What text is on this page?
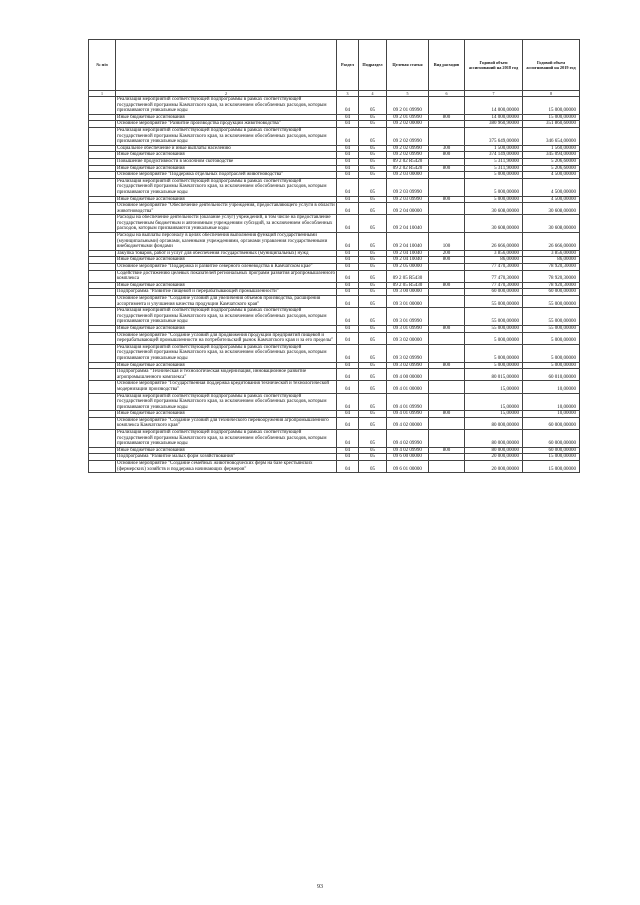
№ п/п		Раздел	Подраздел	Целевая статья	Вид расходов	Годовой объем ассигнований на 2018 год	Годовой объем ассигнований на 2019 год
1	2	3	4	5	6	7	8
	Реализация мероприятий соответствующей подпрограммы в рамках соответствующей государственной программы Камчатского края, за исключением обособленных расходов, которым присваиваются уникальные коды	04	05	09 2 01 09990		14 000,00000	15 000,00000
	Иные бюджетные ассигнования	04	05	09 2 01 09990	800	14 000,00000	15 000,00000
	Основное мероприятие "Развитие производства продукции животноводства"	04	05	09 2 02 00000		380 960,90000	351 860,60000
	Реализация мероприятий соответствующей подпрограммы в рамках соответствующей государственной программы Камчатского края, за исключением обособленных расходов, которым присваиваются уникальные коды	04	05	09 2 02 09990		375 649,00000	346 654,00000
	Социальное обеспечение и иные выплаты населению	04	05	09 2 02 09990	300	1 500,00000	1 560,00000
	Иные бюджетные ассигнования	04	05	09 2 02 09990	800	374 149,00000	345 094,00000
	Повышение продуктивности в молочном скотоводстве	04	05	09 2 02 R5420		5 311,90000	5 206,60000
	Иные бюджетные ассигнования	04	05	09 2 02 R5420	800	5 311,90000	5 206,60000
	Основное мероприятие "Поддержка отдельных подотраслей животноводства"	04	05	09 2 03 00000		5 000,00000	4 500,00000
	Реализация мероприятий соответствующей подпрограммы в рамках соответствующей государственной программы Камчатского края, за исключением обособленных расходов, которым присваиваются уникальные коды	04	05	09 2 03 09990		5 000,00000	4 500,00000
	Иные бюджетные ассигнования	04	05	09 2 03 09990	800	5 000,00000	4 500,00000
	Основное мероприятие "Обеспечение деятельности учреждения, предоставляющего услуги в области животноводства"	04	05	09 2 04 00000		30 608,00000	30 608,00000
	Расходы на обеспечение деятельности (оказание услуг) учреждений, в том числе на предоставление государственным бюджетным и автономным учреждениям субсидий, за исключением обособленных расходов, которым присваиваются уникальные коды	04	05	09 2 04 10040		30 608,00000	30 608,00000
	Расходы на выплаты персоналу в целях обеспечения выполнения функций государственными (муниципальными) органами, казенными учреждениями, органами управления государственными внебюджетными фондами	04	05	09 2 04 10040	100	26 666,00000	26 666,00000
	Закупка товаров, работ и услуг для обеспечения государственных (муниципальных) нужд	04	05	09 2 04 10040	200	3 856,00000	3 856,00000
	Иные бюджетные ассигнования	04	05	09 2 04 10040	800	86,00000	86,00000
	Основное мероприятие "Поддержка и развитие северного оленеводства в Камчатском крае"	04	05	09 2 05 00000		77 470,30000	78 920,30000
	Содействие достижению целевых показателей региональных программ развития агропромышленного комплекса	04	05	09 2 05 R5430		77 470,30000	78 920,30000
	Иные бюджетные ассигнования	04	05	09 2 05 R5430	800	77 470,30000	78 920,30000
	Подпрограмма "Развитие пищевой и перерабатывающей промышленности"	04	05	09 3 00 00000		60 000,00000	60 000,00000
	Основное мероприятие "Создание условий для увеличения объемов производства, расширения ассортимента и улучшения качества продукции Камчатского края"	04	05	09 3 01 00000		55 000,00000	55 000,00000
	Реализация мероприятий соответствующей подпрограммы в рамках соответствующей государственной программы Камчатского края, за исключением обособленных расходов, которым присваиваются уникальные коды	04	05	09 3 01 09990		55 000,00000	55 000,00000
	Иные бюджетные ассигнования	04	05	09 3 01 09990	800	55 000,00000	55 000,00000
	Основное мероприятие "Создание условий для продвижения продукции предприятий пищевой и перерабатывающей промышленности на потребительский рынок Камчатского края и за его пределы"	04	05	09 3 02 00000		5 000,00000	5 000,00000
	Реализация мероприятий соответствующей подпрограммы в рамках соответствующей государственной программы Камчатского края, за исключением обособленных расходов, которым присваиваются уникальные коды	04	05	09 3 02 09990		5 000,00000	5 000,00000
	Иные бюджетные ассигнования	04	05	09 3 02 09990	800	5 000,00000	5 000,00000
	Подпрограмма "Техническая и технологическая модернизация, инновационное развитие агропромышленного комплекса"	04	05	09 4 00 00000		80 015,00000	60 010,00000
	Основное мероприятие "Государственная поддержка кредитования технической и технологической модернизации производства"	04	05	09 4 01 00000		15,00000	10,00000
	Реализация мероприятий соответствующей подпрограммы в рамках соответствующей государственной программы Камчатского края, за исключением обособленных расходов, которым присваиваются уникальные коды	04	05	09 4 01 09990		15,00000	10,00000
	Иные бюджетные ассигнования	04	05	09 4 01 09990	800	15,00000	10,00000
	Основное мероприятие "Создание условий для технического перевооружения агропромышленного комплекса Камчатского края"	04	05	09 4 02 00000		80 000,00000	60 000,00000
	Реализация мероприятий соответствующей подпрограммы в рамках соответствующей государственной программы Камчатского края, за исключением обособленных расходов, которым присваиваются уникальные коды	04	05	09 4 02 09990		80 000,00000	60 000,00000
	Иные бюджетные ассигнования	04	05	09 4 02 09990	800	80 000,00000	60 000,00000
	Подпрограмма "Развитие малых форм хозяйствования"	04	05	09 6 00 00000		20 000,00000	15 000,00000
	Основное мероприятие "Создание семейных животноводческих ферм на базе крестьянских (фермерских) хозяйств и поддержка начинающих фермеров"	04	05	09 6 01 00000		20 000,00000	15 000,00000
93
